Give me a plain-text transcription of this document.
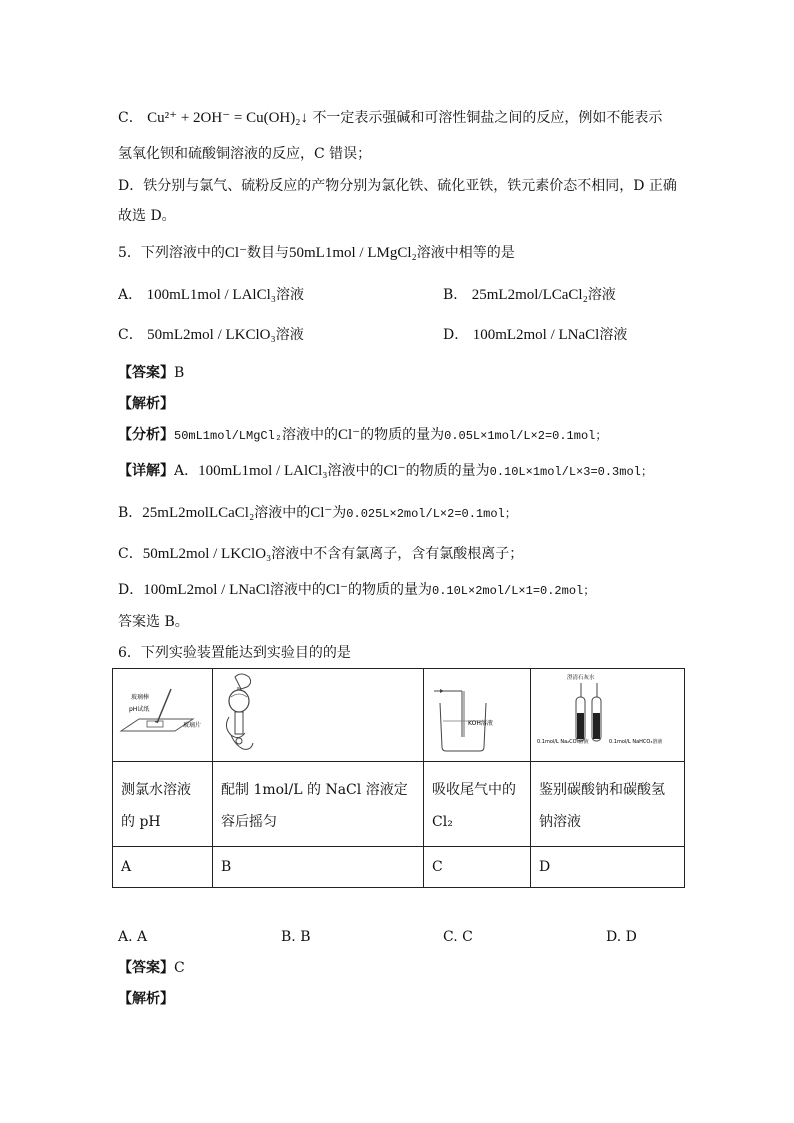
C． Cu²⁺ + 2OH⁻ = Cu(OH)₂↓ 不一定表示强碱和可溶性铜盐之间的反应，例如不能表示
氢氧化钡和硫酸铜溶液的反应，C 错误；
D．铁分别与氯气、硫粉反应的产物分别为氯化铁、硫化亚铁，铁元素价态不相同，D 正确
故选 D。
5．下列溶液中的Cl⁻数目与50mL1mol / LMgCl₂溶液中相等的是
A． 100mL1mol / LAlCl₃溶液	B． 25mL2mol/LCaCl₂溶液
C． 50mL2mol / LKClO₃溶液	D． 100mL2mol / LNaCl溶液
【答案】B
【解析】
【分析】50mL1mol/LMgCl₂溶液中的Cl⁻的物质的量为0.05L×1mol/L×2=0.1mol；
【详解】A．100mL1mol / LAlCl₃溶液中的Cl⁻的物质的量为0.10L×1mol/L×3=0.3mol；
B．25mL2molLCaCl₂溶液中的Cl⁻为0.025L×2mol/L×2=0.1mol；
C．50mL2mol / LKClO₃溶液中不含有氯离子，含有氯酸根离子；
D．100mL2mol / LNaCl溶液中的Cl⁻的物质的量为0.10L×2mol/L×1=0.2mol；
答案选 B。
6．下列实验装置能达到实验目的的是
玻璃棒
pH试纸
玻璃片		KOH溶液	澄清石灰水
0.1mol/L Na₂CO₃溶液 0.1mol/L NaHCO₃溶液

测氯水溶液的 pH	配制 1mol/L 的 NaCl 溶液定容后摇匀	吸收尾气中的 Cl₂	鉴别碳酸钠和碳酸氢钠溶液

A	B	C	D
A. A	B. B	C. C	D. D
【答案】C
【解析】
